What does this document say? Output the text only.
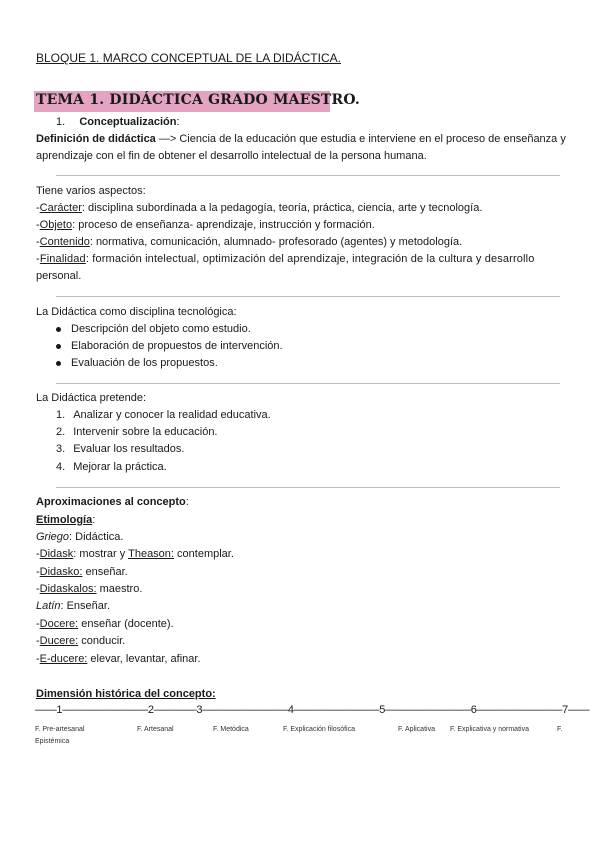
BLOQUE 1. MARCO CONCEPTUAL DE LA DIDÁCTICA.
TEMA 1. DIDÁCTICA GRADO MAESTRO.
1. Conceptualización:
Definición de didáctica —> Ciencia de la educación que estudia e interviene en el proceso de enseñanza y
aprendizaje con el fin de obtener el desarrollo intelectual de la persona humana.
Tiene varios aspectos:
-Carácter: disciplina subordinada a la pedagogía, teoría, práctica, ciencia, arte y tecnología.
-Objeto: proceso de enseñanza- aprendizaje, instrucción y formación.
-Contenido: normativa, comunicación, alumnado- profesorado (agentes) y metodología.
-Finalidad: formación intelectual, optimización del aprendizaje, integración de la cultura y desarrollo
personal.
La Didáctica como disciplina tecnológica:
Descripción del objeto como estudio.
Elaboración de propuestos de intervención.
Evaluación de los propuestos.
La Didáctica pretende:
1. Analizar y conocer la realidad educativa.
2. Intervenir sobre la educación.
3. Evaluar los resultados.
4. Mejorar la práctica.
Aproximaciones al concepto:
Etimología:
Griego: Didáctica.
-Didask: mostrar y Theason: contemplar.
-Didasko: enseñar.
-Didaskalos: maestro.
Latín: Enseñar.
-Docere: enseñar (docente).
-Ducere: conducir.
-E-ducere: elevar, levantar, afinar.
Dimensión histórica del concepto:
——1————————2————3————————4————————5————————6————————7——
F. Pre-artesanal	F. Artesanal	F. Metódica	F. Explicación filosófica	F. Aplicativa F. Explicativa y normativa	F.
Epistémica
